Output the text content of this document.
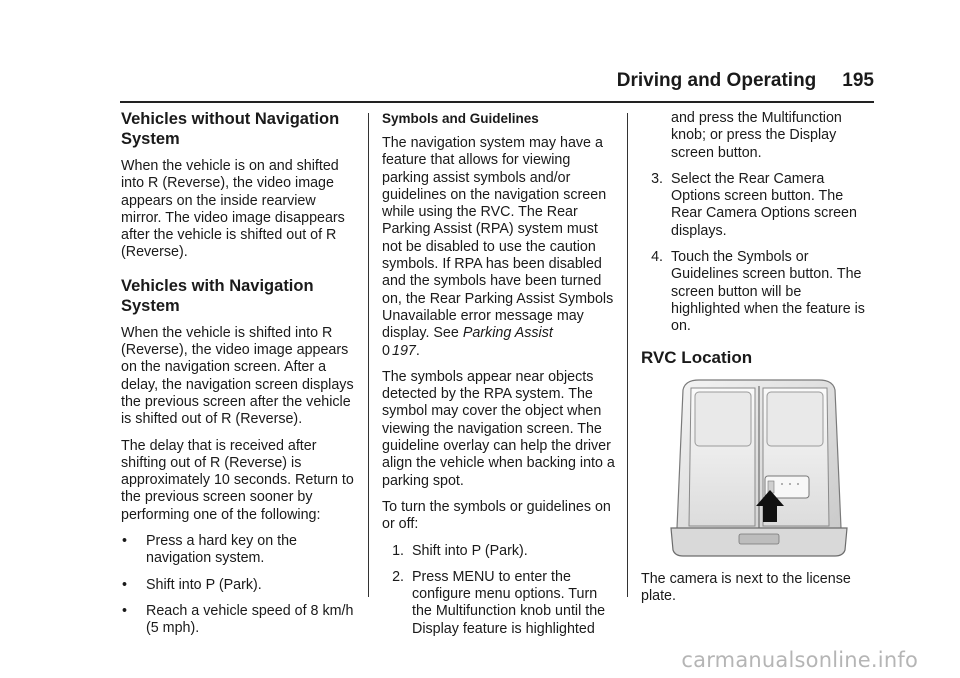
Driving and Operating 195
Vehicles without Navigation System

When the vehicle is on and shifted into R (Reverse), the video image appears on the inside rearview mirror. The video image disappears after the vehicle is shifted out of R (Reverse).

Vehicles with Navigation System

When the vehicle is shifted into R (Reverse), the video image appears on the navigation screen. After a delay, the navigation screen displays the previous screen after the vehicle is shifted out of R (Reverse).

The delay that is received after shifting out of R (Reverse) is approximately 10 seconds. Return to the previous screen sooner by performing one of the following:

•	Press a hard key on the navigation system.
•	Shift into P (Park).
•	Reach a vehicle speed of 8 km/h (5 mph).
Symbols and Guidelines

The navigation system may have a feature that allows for viewing parking assist symbols and/or guidelines on the navigation screen while using the RVC. The Rear Parking Assist (RPA) system must not be disabled to use the caution symbols. If RPA has been disabled and the symbols have been turned on, the Rear Parking Assist Symbols Unavailable error message may display. See Parking Assist
0 197.

The symbols appear near objects detected by the RPA system. The symbol may cover the object when viewing the navigation screen. The guideline overlay can help the driver align the vehicle when backing into a parking spot.

To turn the symbols or guidelines on or off:

1. Shift into P (Park).
2. Press MENU to enter the configure menu options. Turn the Multifunction knob until the Display feature is highlighted

and press the Multifunction knob; or press the Display screen button.

3. Select the Rear Camera Options screen button. The Rear Camera Options screen displays.
4. Touch the Symbols or Guidelines screen button. The screen button will be highlighted when the feature is on.
RVC Location

The camera is next to the license plate.

carmanualsonline.info
